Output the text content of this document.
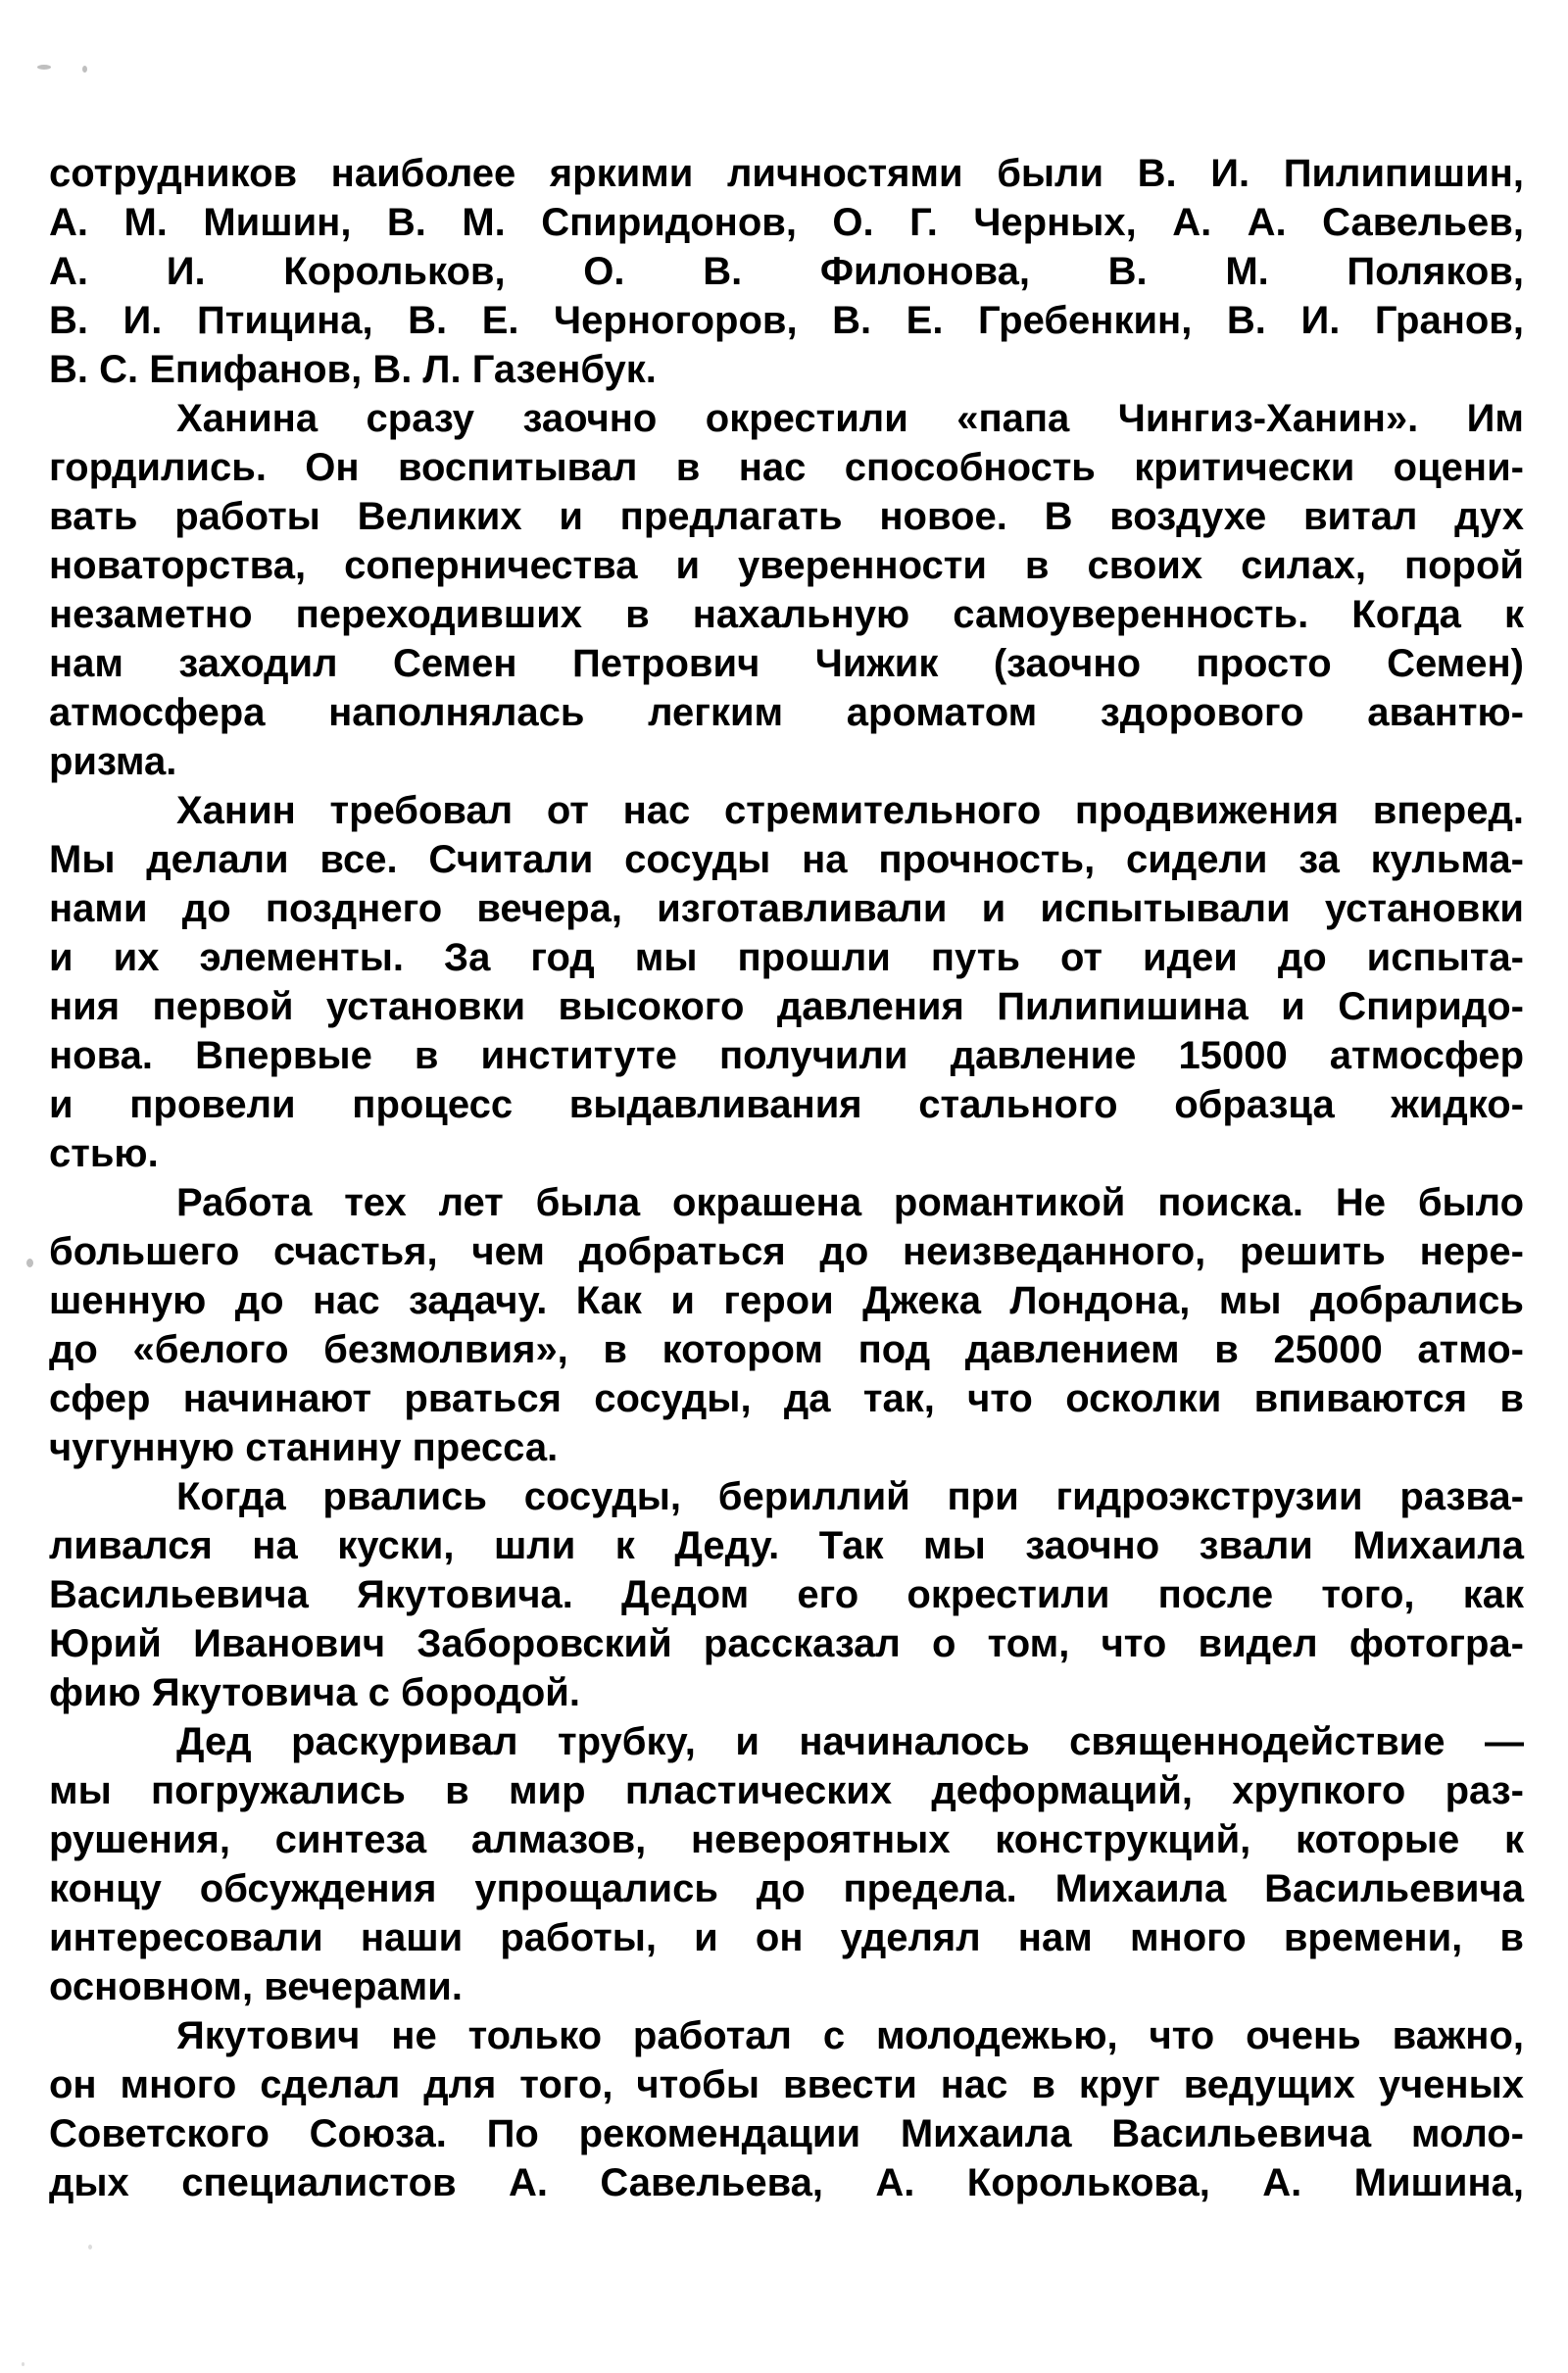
сотрудников наиболее яркими личностями были В. И. Пилипишин,
А. М. Мишин, В. М. Спиридонов, О. Г. Черных, А. А. Савельев,
А. И. Корольков, О. В. Филонова, В. М. Поляков,
В. И. Птицина, В. Е. Черногоров, В. Е. Гребенкин, В. И. Гранов,
В. С. Епифанов, В. Л. Газенбук.
Ханина сразу заочно окрестили «папа Чингиз-Ханин». Им
гордились. Он воспитывал в нас способность критически оцени-
вать работы Великих и предлагать новое. В воздухе витал дух
новаторства, соперничества и уверенности в своих силах, порой
незаметно переходивших в нахальную самоуверенность. Когда к
нам заходил Семен Петрович Чижик (заочно просто Семен)
атмосфера наполнялась легким ароматом здорового авантю-
ризма.
Ханин требовал от нас стремительного продвижения вперед.
Мы делали все. Считали сосуды на прочность, сидели за кульма-
нами до позднего вечера, изготавливали и испытывали установки
и их элементы. За год мы прошли путь от идеи до испыта-
ния первой установки высокого давления Пилипишина и Спиридо-
нова. Впервые в институте получили давление 15000 атмосфер
и провели процесс выдавливания стального образца жидко-
стью.
Работа тех лет была окрашена романтикой поиска. Не было
большего счастья, чем добраться до неизведанного, решить нере-
шенную до нас задачу. Как и герои Джека Лондона, мы добрались
до «белого безмолвия», в котором под давлением в 25000 атмо-
сфер начинают рваться сосуды, да так, что осколки впиваются в
чугунную станину пресса.
Когда рвались сосуды, бериллий при гидроэкструзии разва-
ливался на куски, шли к Деду. Так мы заочно звали Михаила
Васильевича Якутовича. Дедом его окрестили после того, как
Юрий Иванович Заборовский рассказал о том, что видел фотогра-
фию Якутовича с бородой.
Дед раскуривал трубку, и начиналось священнодействие —
мы погружались в мир пластических деформаций, хрупкого раз-
рушения, синтеза алмазов, невероятных конструкций, которые к
концу обсуждения упрощались до предела. Михаила Васильевича
интересовали наши работы, и он уделял нам много времени, в
основном, вечерами.
Якутович не только работал с молодежью, что очень важно,
он много сделал для того, чтобы ввести нас в круг ведущих ученых
Советского Союза. По рекомендации Михаила Васильевича моло-
дых специалистов А. Савельева, А. Королькова, А. Мишина,
